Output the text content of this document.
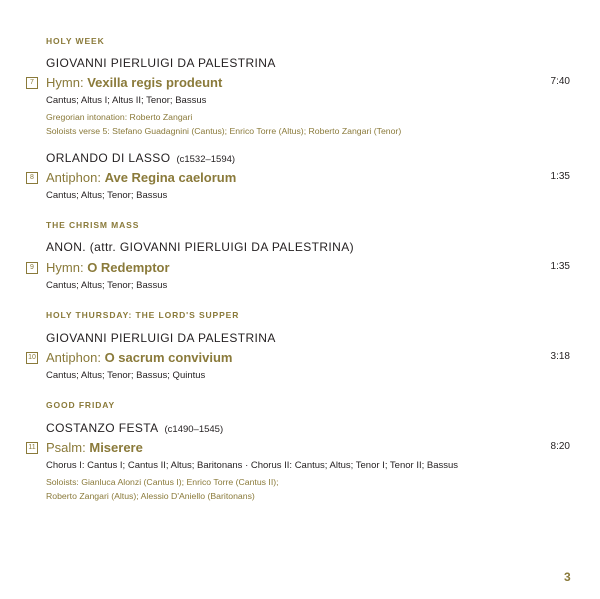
HOLY WEEK
GIOVANNI PIERLUIGI DA PALESTRINA
7 Hymn: Vexilla regis prodeunt	7:40
Cantus; Altus I; Altus II; Tenor; Bassus
Gregorian intonation: Roberto Zangari
Soloists verse 5: Stefano Guadagnini (Cantus); Enrico Torre (Altus); Roberto Zangari (Tenor)
ORLANDO DI LASSO (c1532–1594)
8 Antiphon: Ave Regina caelorum	1:35
Cantus; Altus; Tenor; Bassus
THE CHRISM MASS
ANON. (attr. GIOVANNI PIERLUIGI DA PALESTRINA)
9 Hymn: O Redemptor	1:35
Cantus; Altus; Tenor; Bassus
HOLY THURSDAY: THE LORD'S SUPPER
GIOVANNI PIERLUIGI DA PALESTRINA
10 Antiphon: O sacrum convivium	3:18
Cantus; Altus; Tenor; Bassus; Quintus
GOOD FRIDAY
COSTANZO FESTA (c1490–1545)
11 Psalm: Miserere	8:20
Chorus I: Cantus I; Cantus II; Altus; Baritonans · Chorus II: Cantus; Altus; Tenor I; Tenor II; Bassus
Soloists: Gianluca Alonzi (Cantus I); Enrico Torre (Cantus II);
Roberto Zangari (Altus); Alessio D'Aniello (Baritonans)
3
